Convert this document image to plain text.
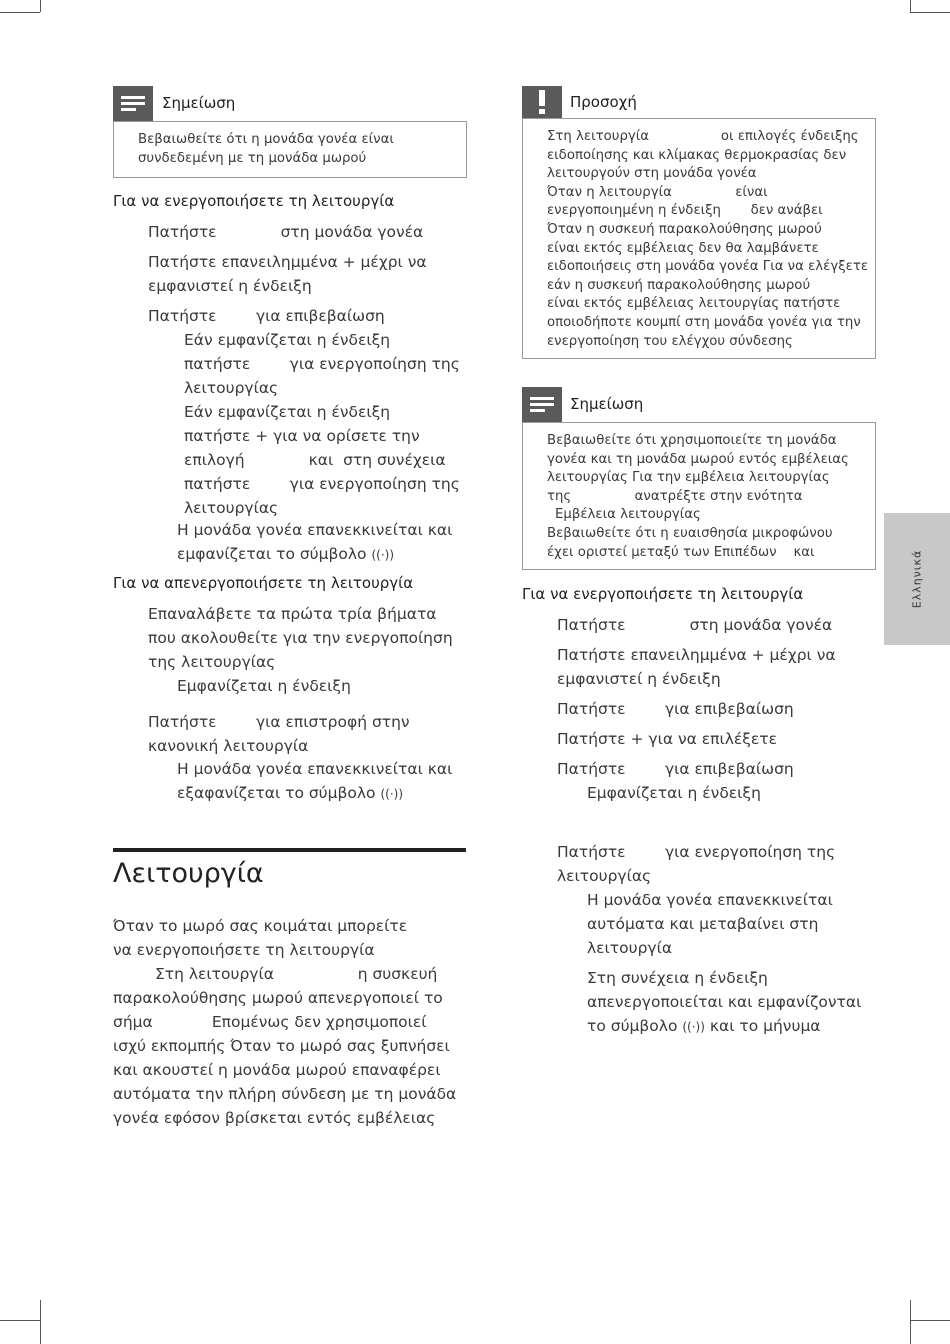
Ελληνικά
Σημείωση
Βεβαιωθείτε ότι η μονάδα γονέα είναι
συνδεδεμένη με τη μονάδα μωρού
Για να ενεργοποιήσετε τη λειτουργία
Πατήστε             στη μονάδα γονέα
Πατήστε επανειλημμένα + μέχρι να
εμφανιστεί η ένδειξη
Πατήστε        για επιβεβαίωση
Εάν εμφανίζεται η ένδειξη
πατήστε        για ενεργοποίηση της
λειτουργίας
Εάν εμφανίζεται η ένδειξη
πατήστε + για να ορίσετε την
επιλογή             και  στη συνέχεια
πατήστε        για ενεργοποίηση της
λειτουργίας
Η μονάδα γονέα επανεκκινείται και
εμφανίζεται το σύμβολο ((·))
Για να απενεργοποιήσετε τη λειτουργία
Επαναλάβετε τα πρώτα τρία βήματα
που ακολουθείτε για την ενεργοποίηση
της λειτουργίας
Εμφανίζεται η ένδειξη
Πατήστε        για επιστροφή στην
κανονική λειτουργία
Η μονάδα γονέα επανεκκινείται και
εξαφανίζεται το σύμβολο ((·))
Λειτουργία
Όταν το μωρό σας κοιμάται μπορείτε
να ενεργοποιήσετε τη λειτουργία
Στη λειτουργία                 η συσκευή
παρακολούθησης μωρού απενεργοποιεί το
σήμα            Επομένως δεν χρησιμοποιεί
ισχύ εκπομπής Όταν το μωρό σας ξυπνήσει
και ακουστεί η μονάδα μωρού επαναφέρει
αυτόματα την πλήρη σύνδεση με τη μονάδα
γονέα εφόσον βρίσκεται εντός εμβέλειας
Προσοχή
Στη λειτουργία                 οι επιλογές ένδειξης
ειδοποίησης και κλίμακας θερμοκρασίας δεν
λειτουργούν στη μονάδα γονέα
Όταν η λειτουργία               είναι
ενεργοποιημένη η ένδειξη       δεν ανάβει
Όταν η συσκευή παρακολούθησης μωρού
είναι εκτός εμβέλειας δεν θα λαμβάνετε
ειδοποιήσεις στη μονάδα γονέα Για να ελέγξετε
εάν η συσκευή παρακολούθησης μωρού
είναι εκτός εμβέλειας λειτουργίας πατήστε
οποιοδήποτε κουμπί στη μονάδα γονέα για την
ενεργοποίηση του ελέγχου σύνδεσης
Σημείωση
Βεβαιωθείτε ότι χρησιμοποιείτε τη μονάδα
γονέα και τη μονάδα μωρού εντός εμβέλειας
λειτουργίας Για την εμβέλεια λειτουργίας
της               ανατρέξτε στην ενότητα
Εμβέλεια λειτουργίας
Βεβαιωθείτε ότι η ευαισθησία μικροφώνου
έχει οριστεί μεταξύ των Επιπέδων    και
Για να ενεργοποιήσετε τη λειτουργία
Πατήστε             στη μονάδα γονέα
Πατήστε επανειλημμένα + μέχρι να
εμφανιστεί η ένδειξη
Πατήστε        για επιβεβαίωση
Πατήστε + για να επιλέξετε
Πατήστε        για επιβεβαίωση
Εμφανίζεται η ένδειξη
Πατήστε        για ενεργοποίηση της
λειτουργίας
Η μονάδα γονέα επανεκκινείται
αυτόματα και μεταβαίνει στη
λειτουργία
Στη συνέχεια η ένδειξη
απενεργοποιείται και εμφανίζονται
το σύμβολο ((·)) και το μήνυμα
